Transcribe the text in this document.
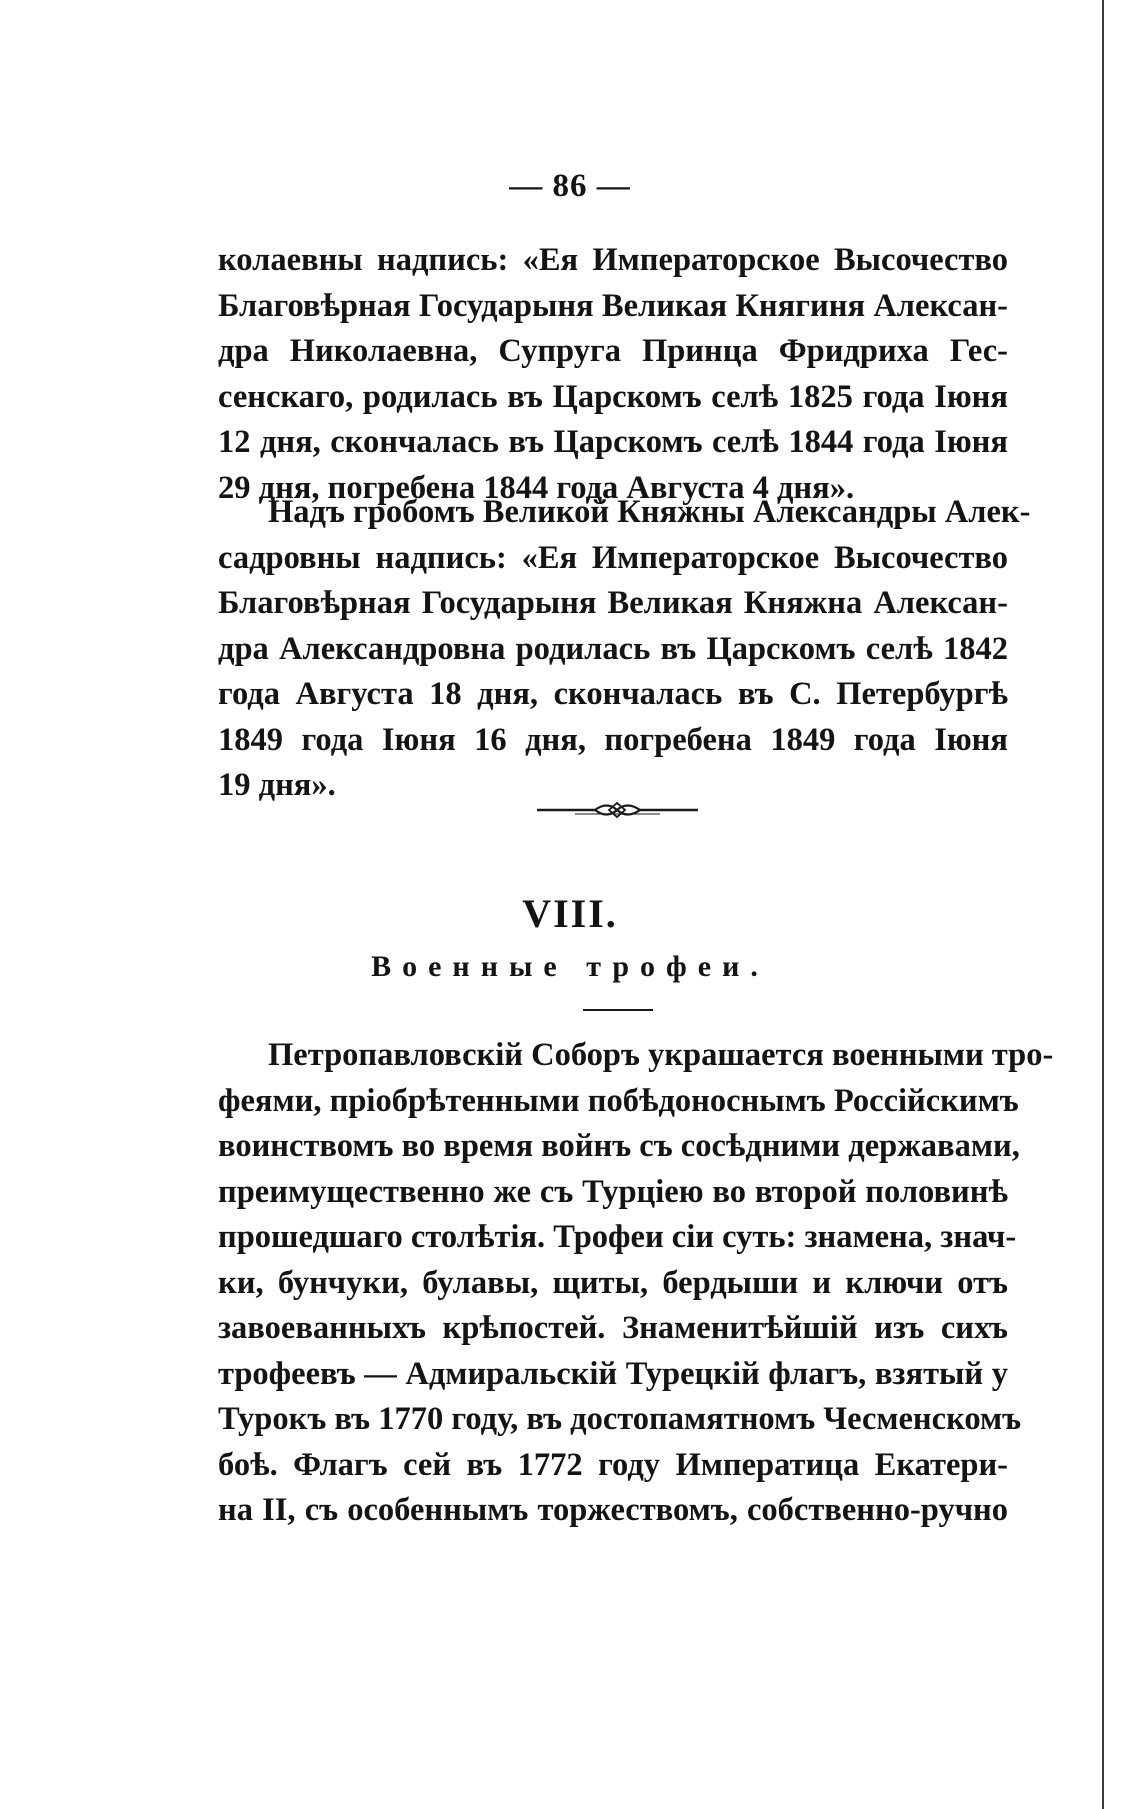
— 86 —
колаевны надпись: «Ея Императорское Высочество
Благовѣрная Государыня Великая Княгиня Алексан-
дра Николаевна, Супруга Принца Фридриха Гес-
сенскаго, родилась въ Царскомъ селѣ 1825 года Іюня
12 дня, скончалась въ Царскомъ селѣ 1844 года Іюня
29 дня, погребена 1844 года Августа 4 дня».
Надъ гробомъ Великой Княжны Александры Алек-
садровны надпись: «Ея Императорское Высочество
Благовѣрная Государыня Великая Княжна Алексан-
дра Александровна родилась въ Царскомъ селѣ 1842
года Августа 18 дня, скончалась въ С. Петербургѣ
1849 года Іюня 16 дня, погребена 1849 года Іюня
19 дня».
VIII.
Военные трофеи.
Петропавловскій Соборъ украшается военными тро-
феями, пріобрѣтенными побѣдоноснымъ Россійскимъ
воинствомъ во время войнъ съ сосѣдними державами,
преимущественно же съ Турціею во второй половинѣ
прошедшаго столѣтія. Трофеи сіи суть: знамена, знач-
ки, бунчуки, булавы, щиты, бердыши и ключи отъ
завоеванныхъ крѣпостей. Знаменитѣйшій изъ сихъ
трофеевъ — Адмиральскій Турецкій флагъ, взятый у
Турокъ въ 1770 году, въ достопамятномъ Чесменскомъ
боѣ. Флагъ сей въ 1772 году Императица Екатери-
на II, съ особеннымъ торжествомъ, собственно-ручно
